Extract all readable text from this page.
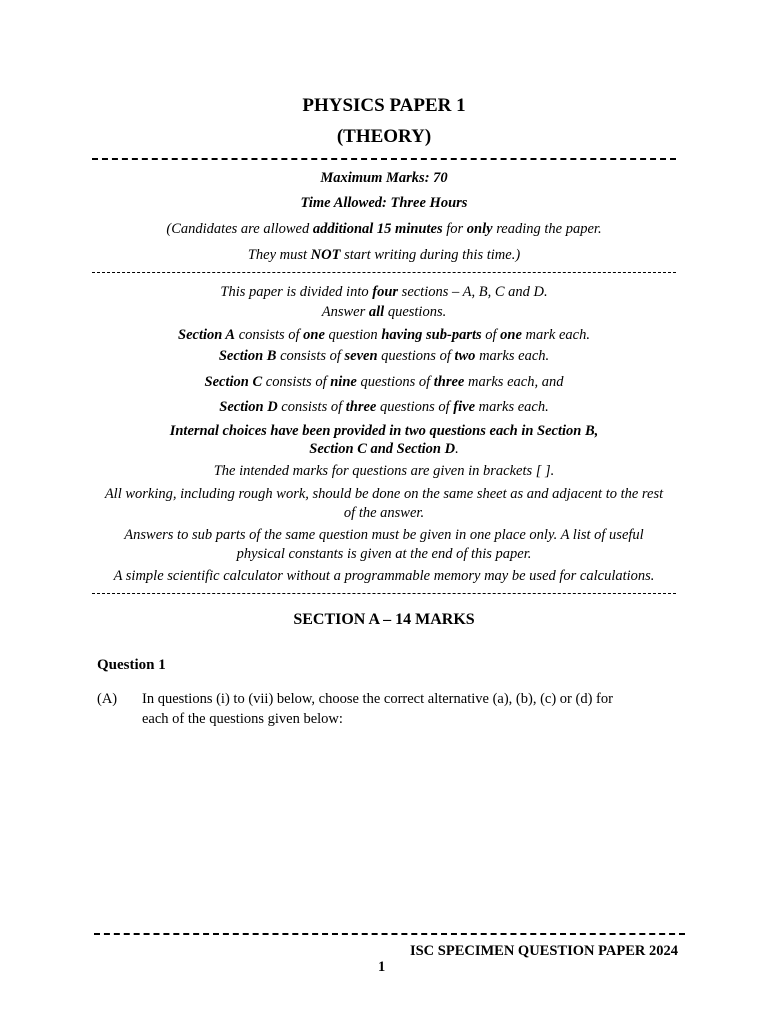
PHYSICS PAPER 1
(THEORY)
Maximum Marks: 70
Time Allowed: Three Hours
(Candidates are allowed additional 15 minutes for only reading the paper.
They must NOT start writing during this time.)
This paper is divided into four sections – A, B, C and D.
Answer all questions.
Section A consists of one question having sub-parts of one mark each.
Section B consists of seven questions of two marks each.
Section C consists of nine questions of three marks each, and
Section D consists of three questions of five marks each.
Internal choices have been provided in two questions each in Section B,
Section C and Section D.
The intended marks for questions are given in brackets [ ].
All working, including rough work, should be done on the same sheet as and adjacent to the rest
of the answer.
Answers to sub parts of the same question must be given in one place only. A list of useful
physical constants is given at the end of this paper.
A simple scientific calculator without a programmable memory may be used for calculations.
SECTION A – 14 MARKS
Question 1
(A) In questions (i) to (vii) below, choose the correct alternative (a), (b), (c) or (d) for
each of the questions given below:
ISC SPECIMEN QUESTION PAPER 2024
1
